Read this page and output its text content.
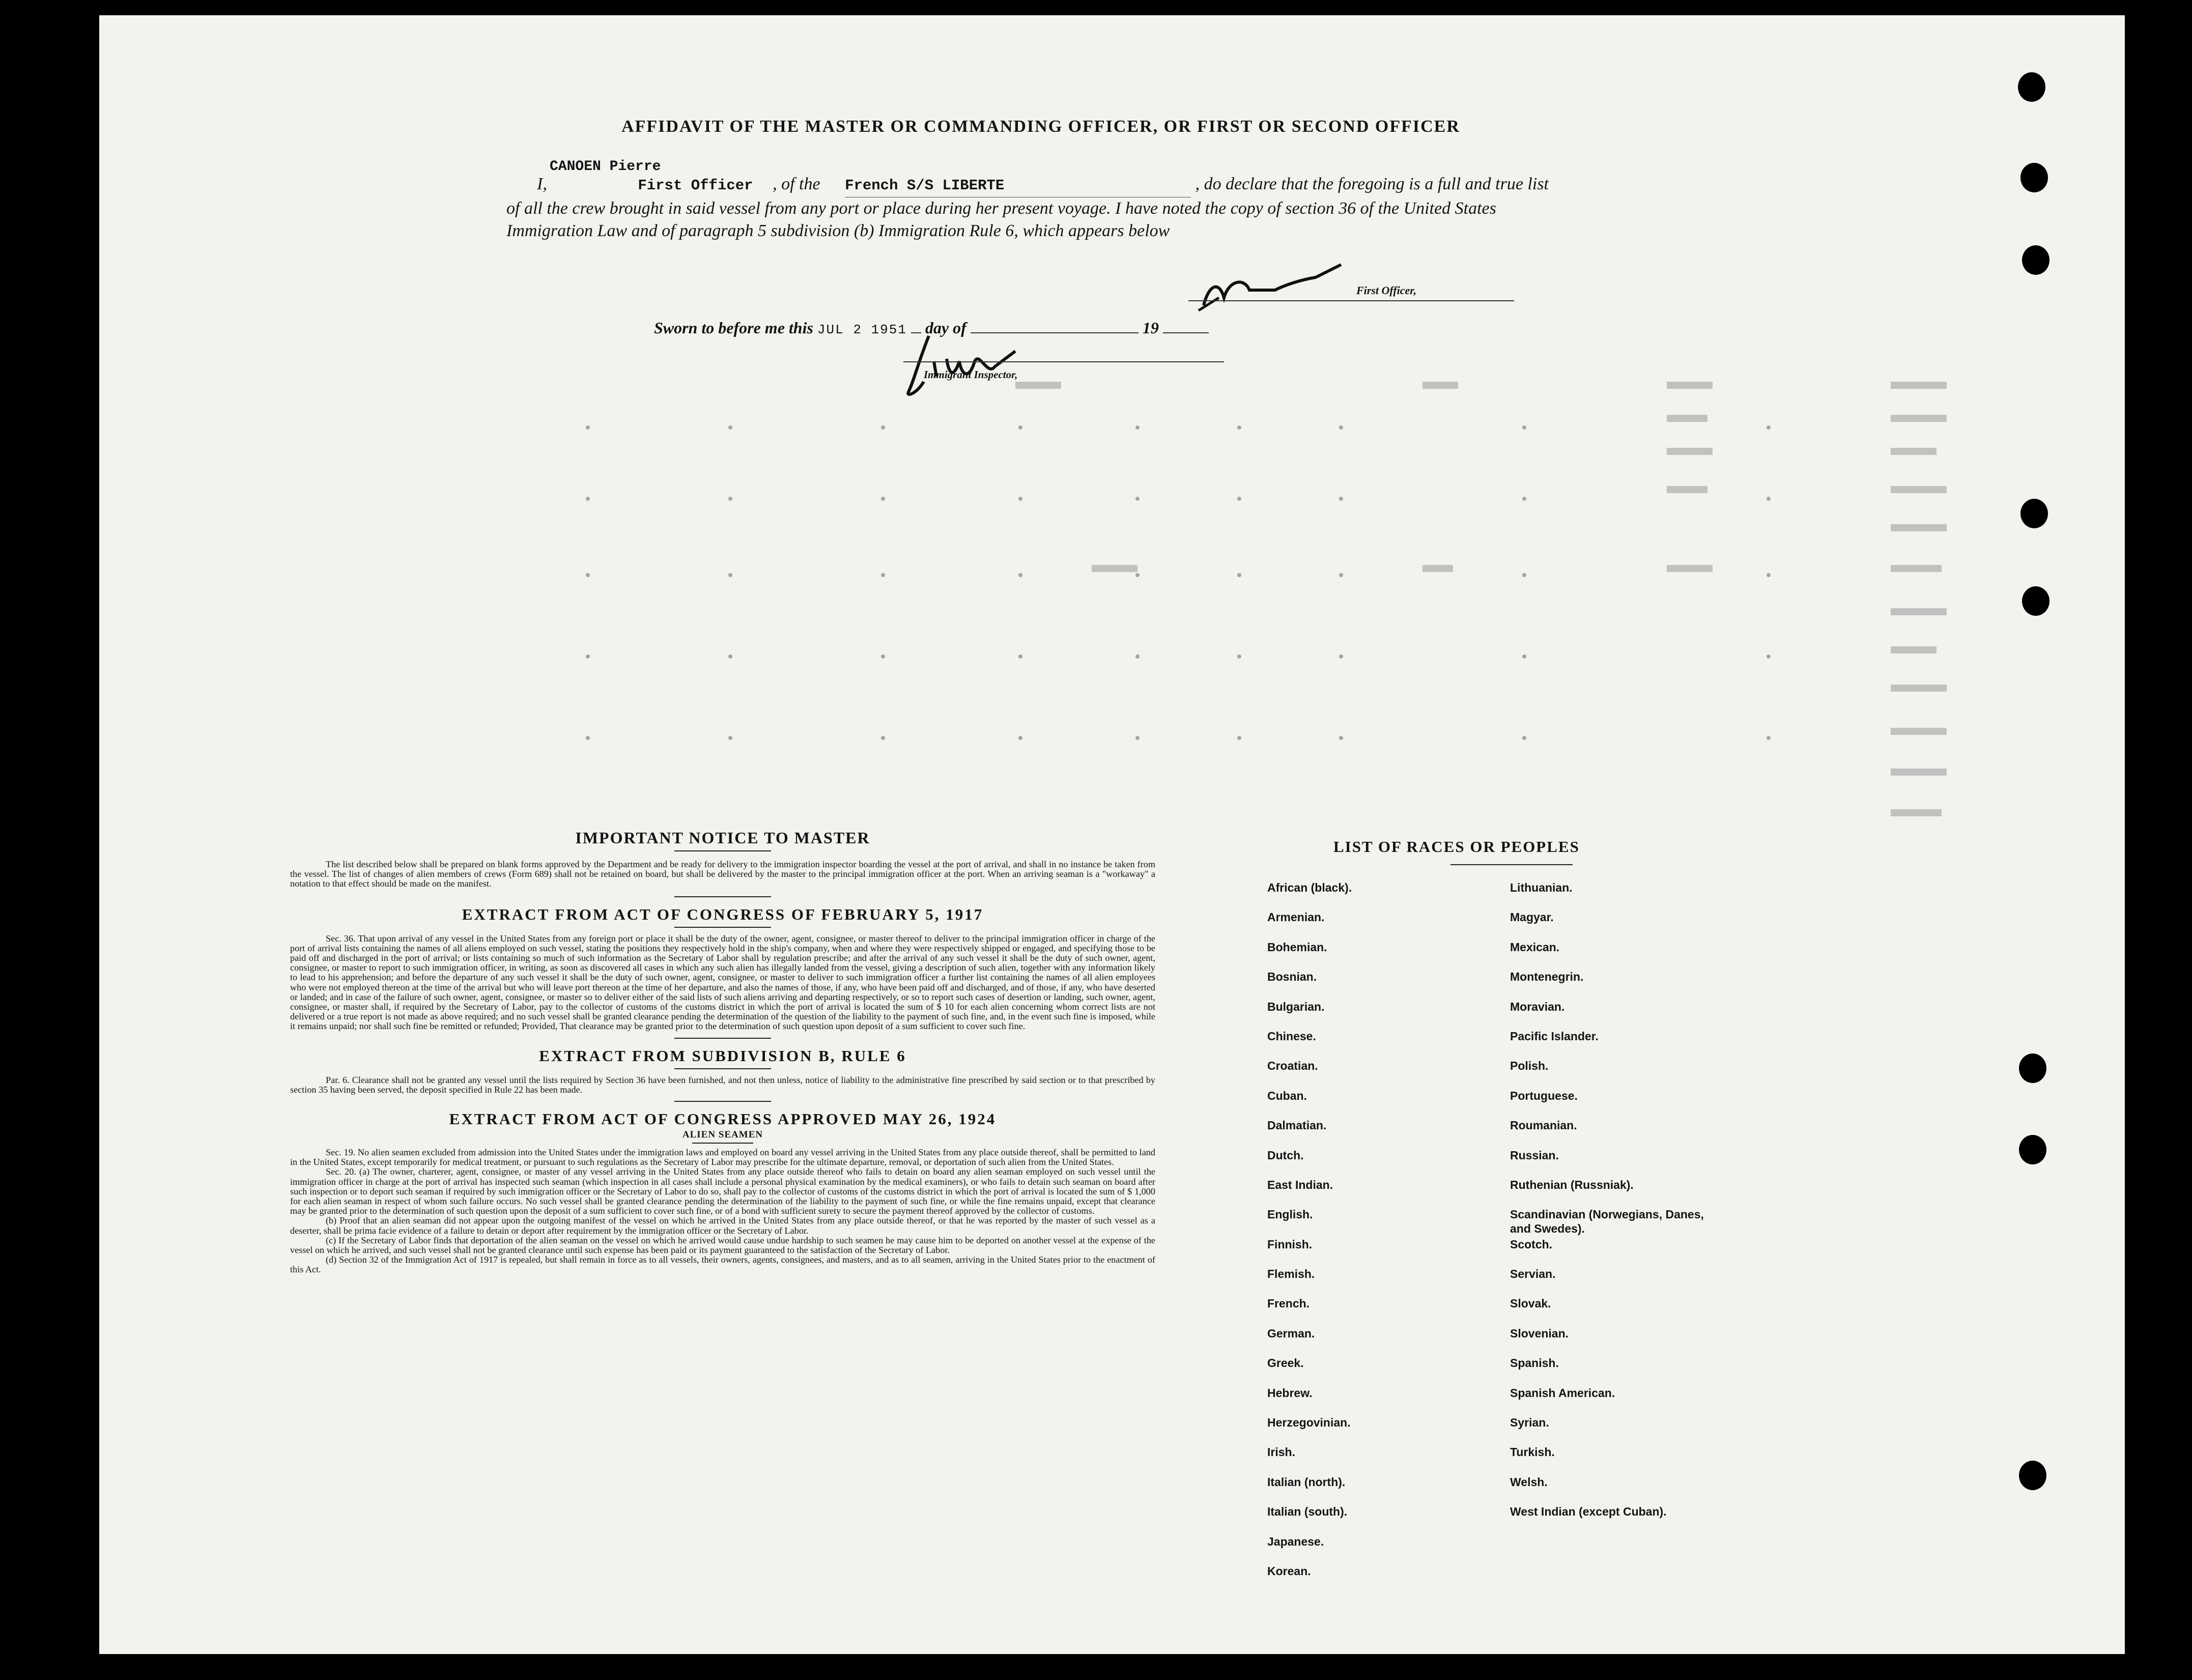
AFFIDAVIT OF THE MASTER OR COMMANDING OFFICER, OR FIRST OR SECOND OFFICER
CANOEN Pierre
I,	First Officer , of the French S/S LIBERTE	, do declare that the foregoing is a full and true list of all the crew brought in said vessel from any port or place during her present voyage. I have noted the copy of section 36 of the United States Immigration Law and of paragraph 5 subdivision (b) Immigration Rule 6, which appears below
First Officer,
Sworn to before me this JUL 2 1951 day of	19
Immigrant Inspector,
IMPORTANT NOTICE TO MASTER

The list described below shall be prepared on blank forms approved by the Department and be ready for delivery to the immigration inspector boarding the vessel at the port of arrival, and shall in no instance be taken from the vessel. The list of changes of alien members of crews (Form 689) shall not be retained on board, but shall be delivered by the master to the principal immigration officer at the port. When an arriving seaman is a "workaway" a notation to that effect should be made on the manifest.

EXTRACT FROM ACT OF CONGRESS OF FEBRUARY 5, 1917

Sec. 36. That upon arrival of any vessel in the United States from any foreign port or place it shall be the duty of the owner, agent, consignee, or master thereof to deliver to the principal immigration officer in charge of the port of arrival lists containing the names of all aliens employed on such vessel, stating the positions they respectively hold in the ship's company, when and where they were respectively shipped or engaged, and specifying those to be paid off and discharged in the port of arrival; or lists containing so much of such information as the Secretary of Labor shall by regulation prescribe; and after the arrival of any such vessel it shall be the duty of such owner, agent, consignee, or master to report to such immigration officer, in writing, as soon as discovered all cases in which any such alien has illegally landed from the vessel, giving a description of such alien, together with any information likely to lead to his apprehension; and before the departure of any such vessel it shall be the duty of such owner, agent, consignee, or master to deliver to such immigration officer a further list containing the names of all alien employees who were not employed thereon at the time of the arrival but who will leave port thereon at the time of her departure, and also the names of those, if any, who have been paid off and discharged, and of those, if any, who have deserted or landed; and in case of the failure of such owner, agent, consignee, or master so to deliver either of the said lists of such aliens arriving and departing respectively, or so to report such cases of desertion or landing, such owner, agent, consignee, or master shall, if required by the Secretary of Labor, pay to the collector of customs of the customs district in which the port of arrival is located the sum of $ 10 for each alien concerning whom correct lists are not delivered or a true report is not made as above required; and no such vessel shall be granted clearance pending the determination of the question of the liability to the payment of such fine, and, in the event such fine is imposed, while it remains unpaid; nor shall such fine be remitted or refunded; Provided, That clearance may be granted prior to the determination of such question upon deposit of a sum sufficient to cover such fine.

EXTRACT FROM SUBDIVISION B, RULE 6

Par. 6. Clearance shall not be granted any vessel until the lists required by Section 36 have been furnished, and not then unless, notice of liability to the administrative fine prescribed by said section or to that prescribed by section 35 having been served, the deposit specified in Rule 22 has been made.

EXTRACT FROM ACT OF CONGRESS APPROVED MAY 26, 1924
ALIEN SEAMEN

Sec. 19. No alien seamen excluded from admission into the United States under the immigration laws and employed on board any vessel arriving in the United States from any place outside thereof, shall be permitted to land in the United States, except temporarily for medical treatment, or pursuant to such regulations as the Secretary of Labor may prescribe for the ultimate departure, removal, or deportation of such alien from the United States.

Sec. 20. (a) The owner, charterer, agent, consignee, or master of any vessel arriving in the United States from any place outside thereof who fails to detain on board any alien seaman employed on such vessel until the immigration officer in charge at the port of arrival has inspected such seaman (which inspection in all cases shall include a personal physical examination by the medical examiners), or who fails to detain such seaman on board after such inspection or to deport such seaman if required by such immigration officer or the Secretary of Labor to do so, shall pay to the collector of customs of the customs district in which the port of arrival is located the sum of $ 1,000 for each alien seaman in respect of whom such failure occurs. No such vessel shall be granted clearance pending the determination of the liability to the payment of such fine, or while the fine remains unpaid, except that clearance may be granted prior to the determination of such question upon the deposit of a sum sufficient to cover such fine, or of a bond with sufficient surety to secure the payment thereof approved by the collector of customs.

(b) Proof that an alien seaman did not appear upon the outgoing manifest of the vessel on which he arrived in the United States from any place outside thereof, or that he was reported by the master of such vessel as a deserter, shall be prima facie evidence of a failure to detain or deport after requirement by the immigration officer or the Secretary of Labor.

(c) If the Secretary of Labor finds that deportation of the alien seaman on the vessel on which he arrived would cause undue hardship to such seamen he may cause him to be deported on another vessel at the expense of the vessel on which he arrived, and such vessel shall not be granted clearance until such expense has been paid or its payment guaranteed to the satisfaction of the Secretary of Labor.

(d) Section 32 of the Immigration Act of 1917 is repealed, but shall remain in force as to all vessels, their owners, agents, consignees, and masters, and as to all seamen, arriving in the United States prior to the enactment of this Act.

LIST OF RACES OR PEOPLES
African (black).
Armenian.
Bohemian.
Bosnian.
Bulgarian.
Chinese.
Croatian.
Cuban.
Dalmatian.
Dutch.
East Indian.
English.
Finnish.
Flemish.
French.
German.
Greek.
Hebrew.
Herzegovinian.
Irish.
Italian (north).
Italian (south).
Japanese.
Korean.
Lithuanian.
Magyar.
Mexican.
Montenegrin.
Moravian.
Pacific Islander.
Polish.
Portuguese.
Roumanian.
Russian.
Ruthenian (Russniak).
Scandinavian (Norwegians, Danes, and Swedes).
Scotch.
Servian.
Slovak.
Slovenian.
Spanish.
Spanish American.
Syrian.
Turkish.
Welsh.
West Indian (except Cuban).
